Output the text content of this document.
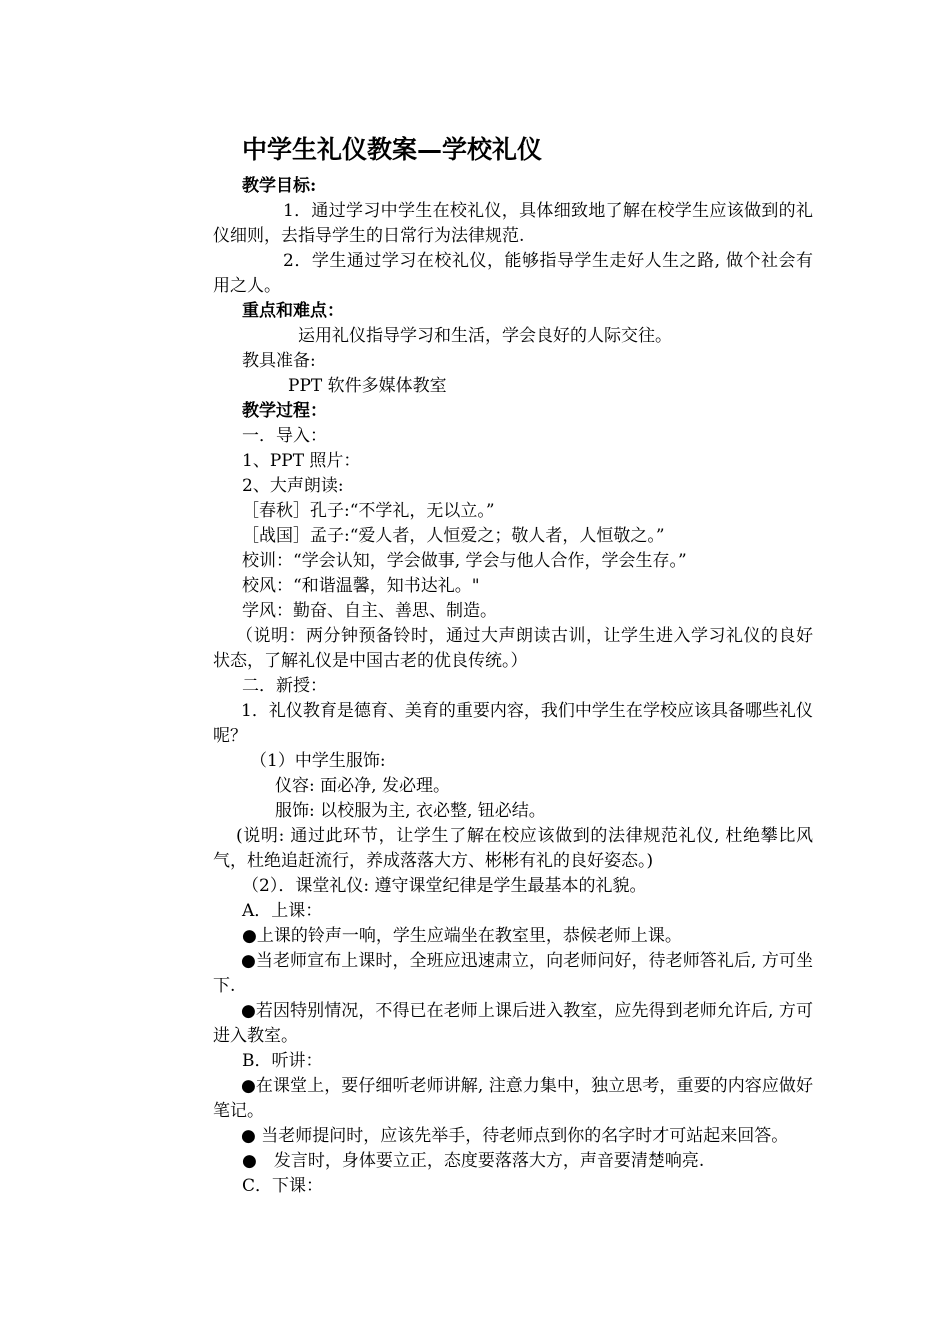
中学生礼仪教案—学校礼仪

教学目标:

1．通过学习中学生在校礼仪，具体细致地了解在校学生应该做到的礼仪细则，去指导学生的日常行为法律规范.

2．学生通过学习在校礼仪，能够指导学生走好人生之路, 做个社会有用之人。

重点和难点：

运用礼仪指导学习和生活，学会良好的人际交往。

教具准备:

PPT 软件多媒体教室

教学过程：

一．导入：

1、PPT 照片：

2、大声朗读:

［春秋］孔子:“不学礼，无以立。”

［战国］孟子:“爱人者，人恒爱之；敬人者，人恒敬之。”

校训：“学会认知，学会做事, 学会与他人合作，学会生存。”

校风：“和谐温馨，知书达礼。"

学风：勤奋、自主、善思、制造。

（说明：两分钟预备铃时，通过大声朗读古训，让学生进入学习礼仪的良好状态，了解礼仪是中国古老的优良传统。）

二．新授：

1．礼仪教育是德育、美育的重要内容，我们中学生在学校应该具备哪些礼仪呢？

（1）中学生服饰:

仪容: 面必净, 发必理。

服饰: 以校服为主, 衣必整, 钮必结。

(说明: 通过此环节，让学生了解在校应该做到的法律规范礼仪, 杜绝攀比风气，杜绝追赶流行，养成落落大方、彬彬有礼的良好姿态。)

（2）．课堂礼仪: 遵守课堂纪律是学生最基本的礼貌。

A．上课：

●上课的铃声一响，学生应端坐在教室里，恭候老师上课。

●当老师宣布上课时，全班应迅速肃立，向老师问好，待老师答礼后, 方可坐下.

●若因特别情况，不得已在老师上课后进入教室，应先得到老师允许后, 方可进入教室。

B．听讲：

●在课堂上，要仔细听老师讲解, 注意力集中，独立思考，重要的内容应做好笔记。

● 当老师提问时，应该先举手，待老师点到你的名字时才可站起来回答。

●　发言时，身体要立正，态度要落落大方，声音要清楚响亮.

C．下课：
